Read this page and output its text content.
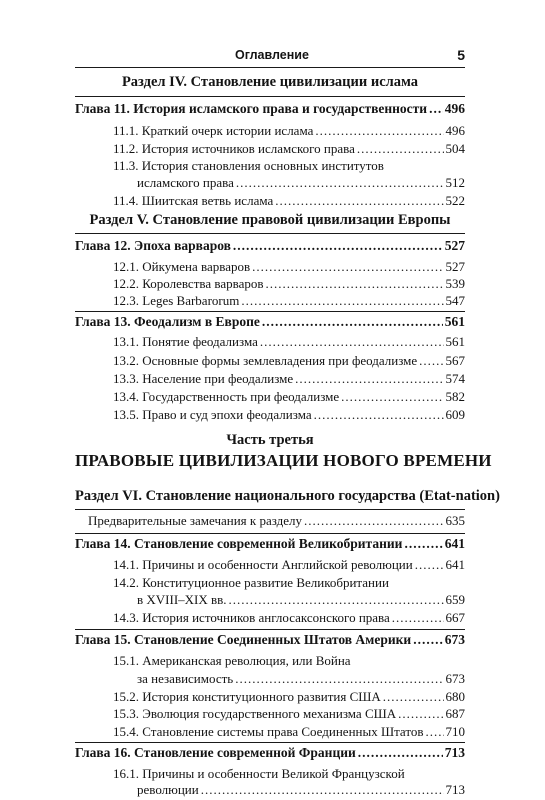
Оглавление	5
Раздел IV. Становление цивилизации ислама
Глава 11. История исламского права и государственности ..... 496
11.1. Краткий очерк истории ислама .....	496
11.2. История источников исламского права .....	504
11.3. История становления основных институтов
исламского права .....	512
11.4. Шиитская ветвь ислама .....	522
Раздел V. Становление правовой цивилизации Европы
Глава 12. Эпоха варваров .....	527
12.1. Ойкумена варваров .....	527
12.2. Королевства варваров .....	539
12.3. Leges Barbarorum .....	547
Глава 13. Феодализм в Европе .....	561
13.1. Понятие феодализма .....	561
13.2. Основные формы землевладения при феодализме ..... 567
13.3. Население при феодализме .....	574
13.4. Государственность при феодализме .....	582
13.5. Право и суд эпохи феодализма .....	609
Часть третья
ПРАВОВЫЕ ЦИВИЛИЗАЦИИ НОВОГО ВРЕМЕНИ
Раздел VI. Становление национального государства (Etat-nation)
Предварительные замечания к разделу .....	635
Глава 14. Становление современной Великобритании .....	641
14.1. Причины и особенности Английской революции .....	641
14.2. Конституционное развитие Великобритании
в XVIII–XIX вв. .....	659
14.3. История источников англосаксонского права .....	667
Глава 15. Становление Соединенных Штатов Америки ..... 673
15.1. Американская революция, или Война
за независимость .....	673
15.2. История конституционного развития США .....	680
15.3. Эволюция государственного механизма США .....	687
15.4. Становление системы права Соединенных Штатов ..... 710
Глава 16. Становление современной Франции .....	713
16.1. Причины и особенности Великой Французской
революции .....	713
